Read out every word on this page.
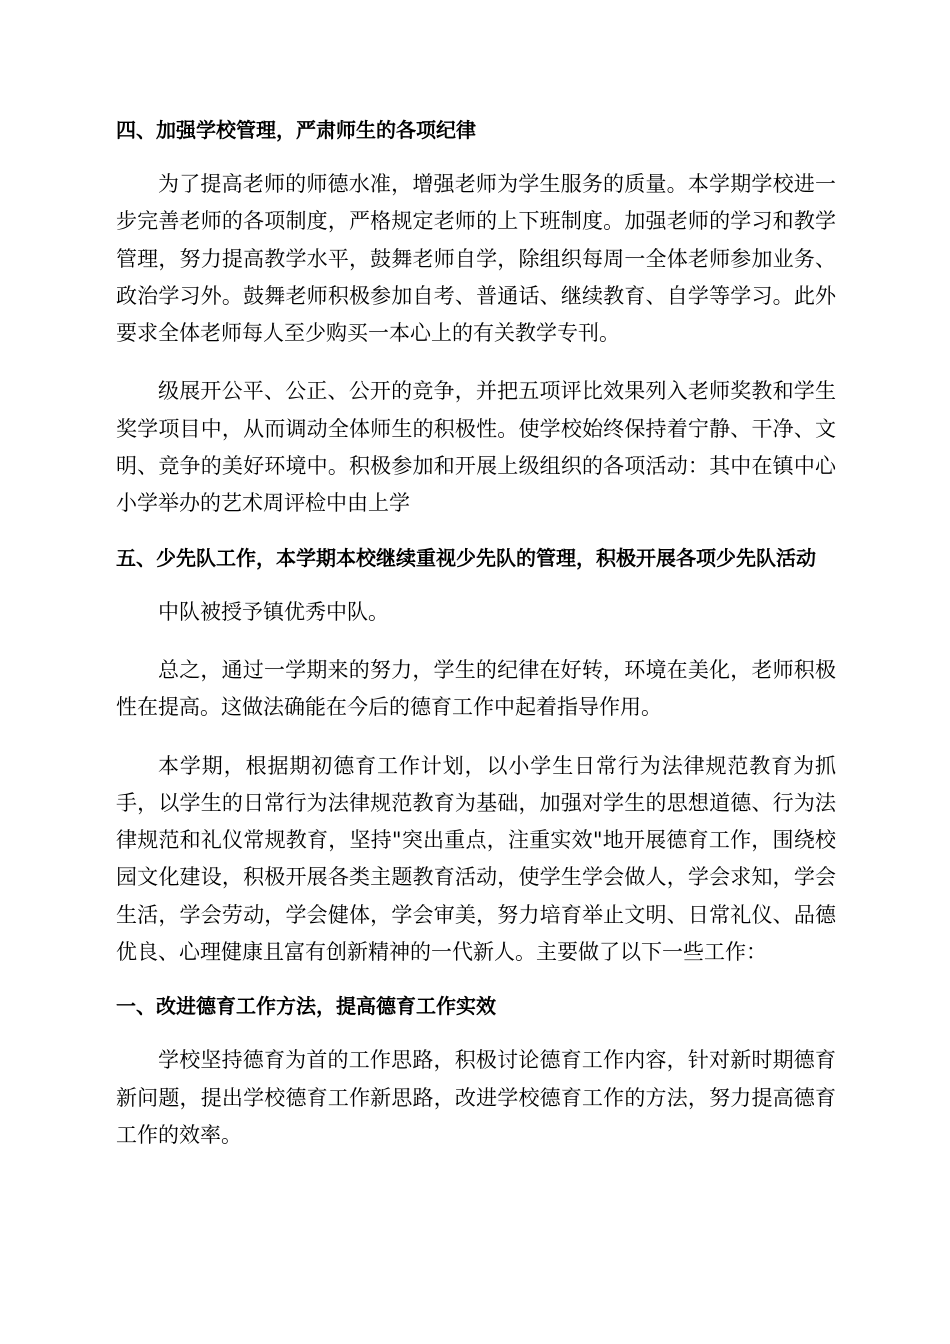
四、加强学校管理，严肃师生的各项纪律

为了提高老师的师德水准，增强老师为学生服务的质量。本学期学校进一步完善老师的各项制度，严格规定老师的上下班制度。加强老师的学习和教学管理，努力提高教学水平，鼓舞老师自学，除组织每周一全体老师参加业务、政治学习外。鼓舞老师积极参加自考、普通话、继续教育、自学等学习。此外要求全体老师每人至少购买一本心上的有关教学专刊。

级展开公平、公正、公开的竞争，并把五项评比效果列入老师奖教和学生奖学项目中，从而调动全体师生的积极性。使学校始终保持着宁静、干净、文明、竞争的美好环境中。积极参加和开展上级组织的各项活动：其中在镇中心小学举办的艺术周评检中由上学

五、少先队工作，本学期本校继续重视少先队的管理，积极开展各项少先队活动

中队被授予镇优秀中队。

总之，通过一学期来的努力，学生的纪律在好转，环境在美化，老师积极性在提高。这做法确能在今后的德育工作中起着指导作用。

本学期，根据期初德育工作计划，以小学生日常行为法律规范教育为抓手，以学生的日常行为法律规范教育为基础，加强对学生的思想道德、行为法律规范和礼仪常规教育，坚持"突出重点，注重实效"地开展德育工作，围绕校园文化建设，积极开展各类主题教育活动，使学生学会做人，学会求知，学会生活，学会劳动，学会健体，学会审美，努力培育举止文明、日常礼仪、品德优良、心理健康且富有创新精神的一代新人。主要做了以下一些工作：

一、改进德育工作方法，提高德育工作实效

学校坚持德育为首的工作思路，积极讨论德育工作内容，针对新时期德育新问题，提出学校德育工作新思路，改进学校德育工作的方法，努力提高德育工作的效率。
